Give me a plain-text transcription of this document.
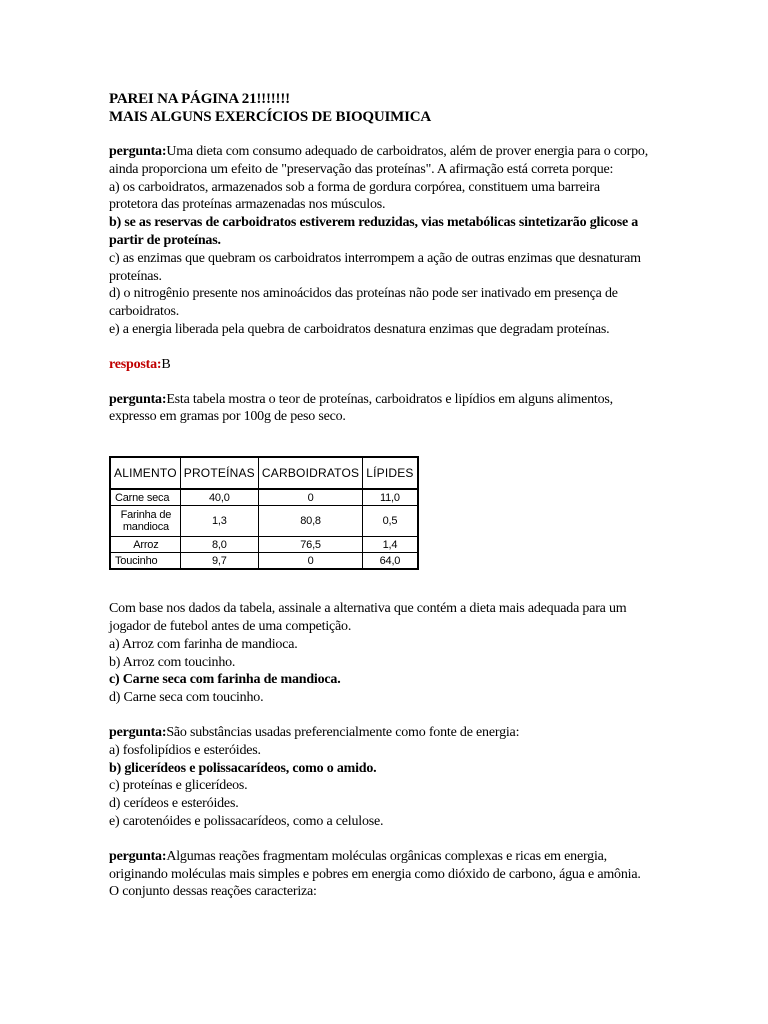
PAREI NA PÁGINA 21!!!!!!!

MAIS ALGUNS EXERCÍCIOS DE BIOQUIMICA

pergunta:Uma dieta com consumo adequado de carboidratos, além de prover energia para o corpo, ainda proporciona um efeito de "preservação das proteínas". A afirmação está correta porque:

a) os carboidratos, armazenados sob a forma de gordura corpórea, constituem uma barreira protetora das proteínas armazenadas nos músculos.

b) se as reservas de carboidratos estiverem reduzidas, vias metabólicas sintetizarão glicose a partir de proteínas.

c) as enzimas que quebram os carboidratos interrompem a ação de outras enzimas que desnaturam proteínas.

d) o nitrogênio presente nos aminoácidos das proteínas não pode ser inativado em presença de carboidratos.

e) a energia liberada pela quebra de carboidratos desnatura enzimas que degradam proteínas.

resposta:B

pergunta:Esta tabela mostra o teor de proteínas, carboidratos e lipídios em alguns alimentos, expresso em gramas por 100g de peso seco.

ALIMENTO	PROTEÍNAS	CARBOIDRATOS	LÍPIDES
Carne seca	40,0	0	11,0
Farinha de mandioca	1,3	80,8	0,5
Arroz	8,0	76,5	1,4
Toucinho	9,7	0	64,0

Com base nos dados da tabela, assinale a alternativa que contém a dieta mais adequada para um jogador de futebol antes de uma competição.

a) Arroz com farinha de mandioca.

b) Arroz com toucinho.

c) Carne seca com farinha de mandioca.

d) Carne seca com toucinho.

pergunta:São substâncias usadas preferencialmente como fonte de energia:

a) fosfolipídios e esteróides.

b) glicerídeos e polissacarídeos, como o amido.

c) proteínas e glicerídeos.

d) cerídeos e esteróides.

e) carotenóides e polissacarídeos, como a celulose.

pergunta:Algumas reações fragmentam moléculas orgânicas complexas e ricas em energia, originando moléculas mais simples e pobres em energia como dióxido de carbono, água e amônia. O conjunto dessas reações caracteriza:
